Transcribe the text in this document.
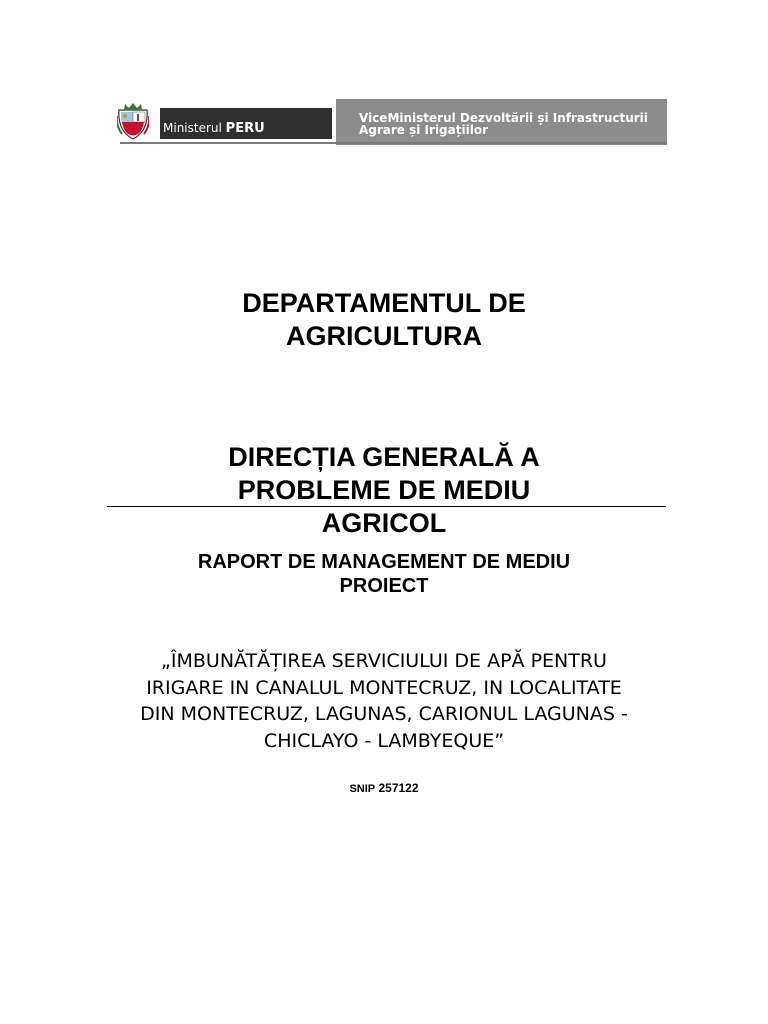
Ministerul PERU
ViceMinisterul Dezvoltării și Infrastructurii Agrare și Irigațiilor
DEPARTAMENTUL DE AGRICULTURA
DIRECȚIA GENERALĂ A PROBLEME DE MEDIU AGRICOL
RAPORT DE MANAGEMENT DE MEDIU PROIECT
„ÎMBUNĂTĂȚIREA SERVICIULUI DE APĂ PENTRU IRIGARE IN CANALUL MONTECRUZ, IN LOCALITATE DIN MONTECRUZ, LAGUNAS, CARIONUL LAGUNAS - CHICLAYO - LAMBYEQUE”
SNIP 257122
